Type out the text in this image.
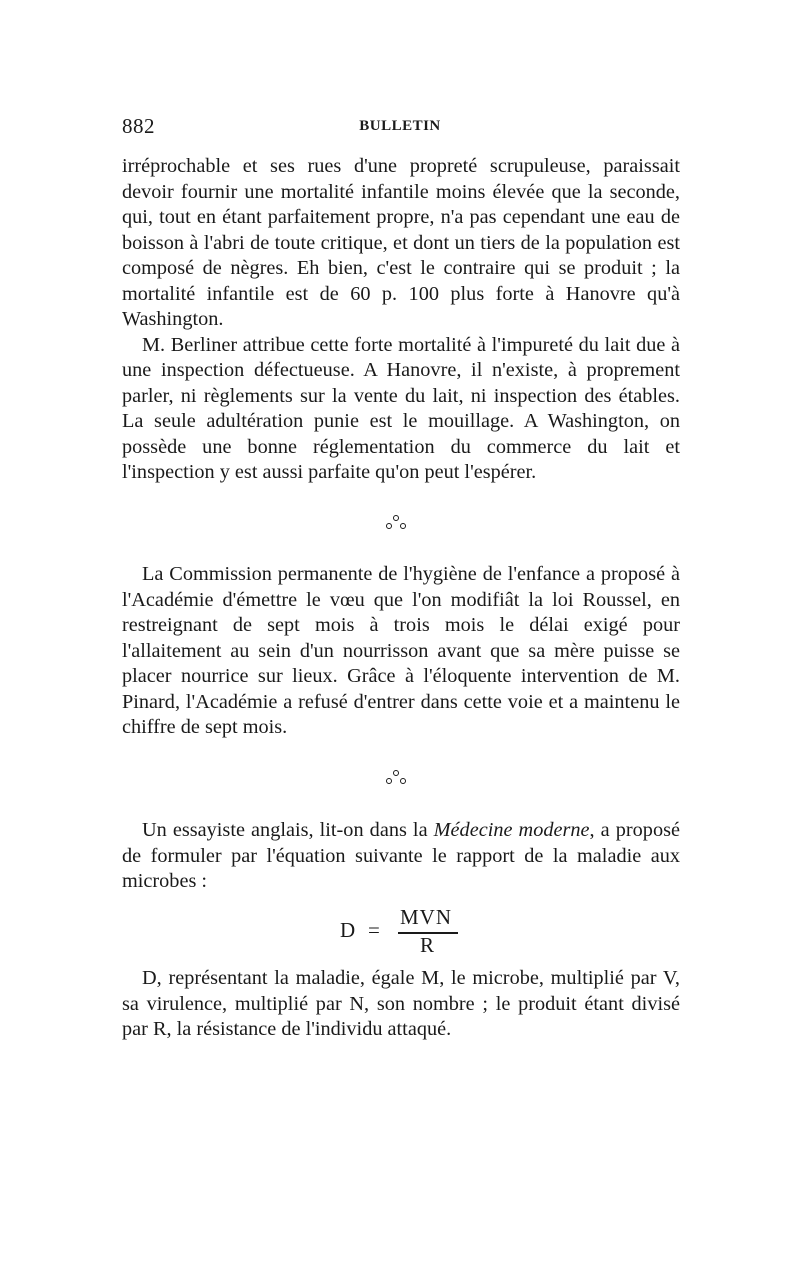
882	BULLETIN

irréprochable et ses rues d'une propreté scrupuleuse, paraissait devoir fournir une mortalité infantile moins élevée que la seconde, qui, tout en étant parfaitement propre, n'a pas cependant une eau de boisson à l'abri de toute critique, et dont un tiers de la population est composé de nègres. Eh bien, c'est le contraire qui se produit ; la mortalité infantile est de 60 p. 100 plus forte à Hanovre qu'à Washington.

M. Berliner attribue cette forte mortalité à l'impureté du lait due à une inspection défectueuse. A Hanovre, il n'existe, à proprement parler, ni règlements sur la vente du lait, ni inspection des étables. La seule adultération punie est le mouillage. A Washington, on possède une bonne réglementation du commerce du lait et l'inspection y est aussi parfaite qu'on peut l'espérer.

La Commission permanente de l'hygiène de l'enfance a proposé à l'Académie d'émettre le vœu que l'on modifiât la loi Roussel, en restreignant de sept mois à trois mois le délai exigé pour l'allaitement au sein d'un nourrisson avant que sa mère puisse se placer nourrice sur lieux. Grâce à l'éloquente intervention de M. Pinard, l'Académie a refusé d'entrer dans cette voie et a maintenu le chiffre de sept mois.

Un essayiste anglais, lit-on dans la Médecine moderne, a proposé de formuler par l'équation suivante le rapport de la maladie aux microbes :

D =
MVN
R

D, représentant la maladie, égale M, le microbe, multiplié par V, sa virulence, multiplié par N, son nombre ; le produit étant divisé par R, la résistance de l'individu attaqué.
